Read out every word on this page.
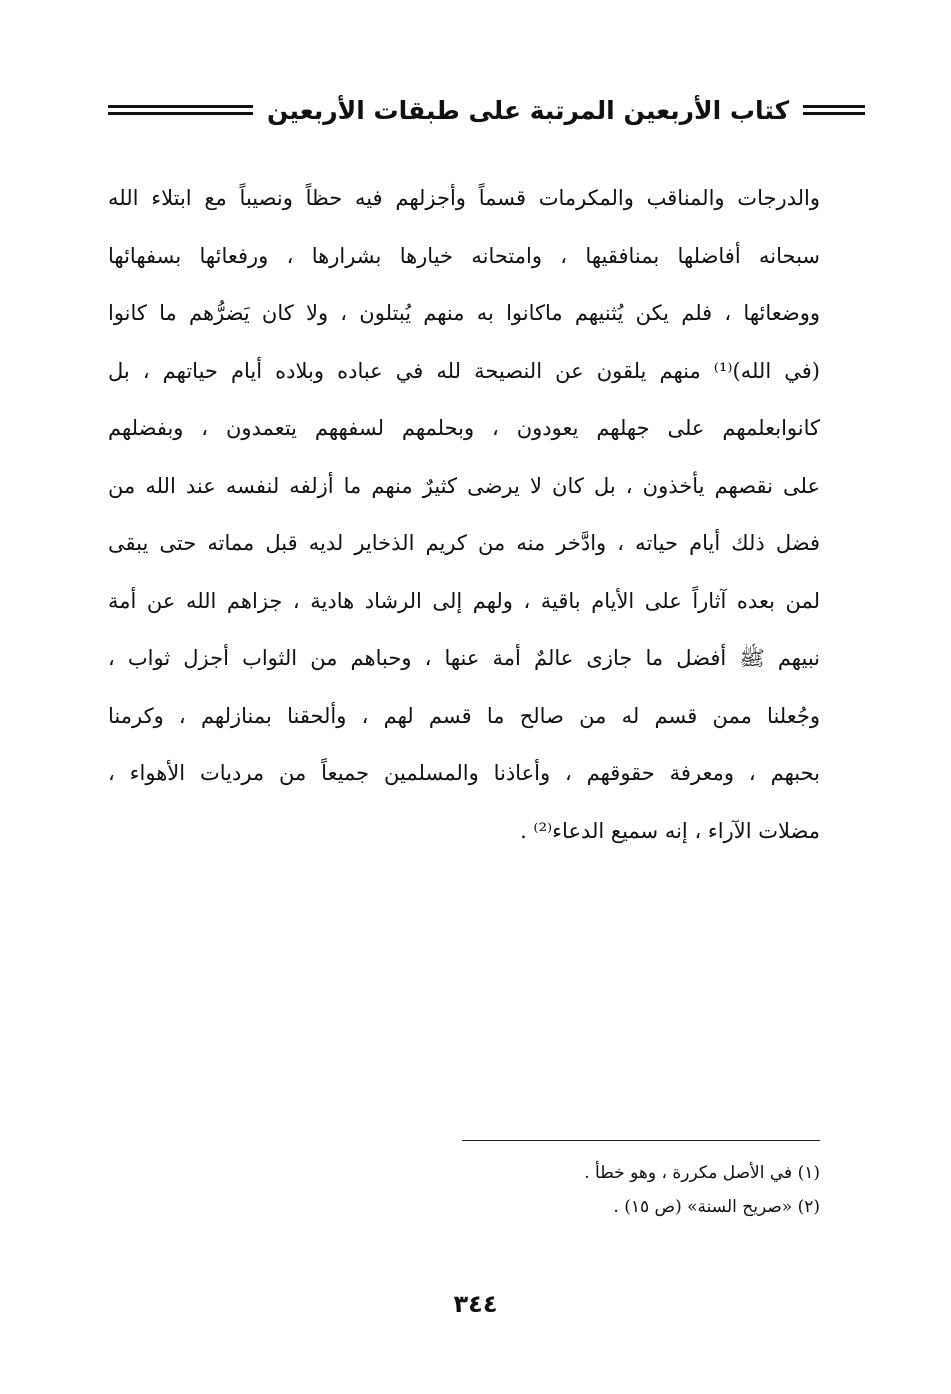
كتاب الأربعين المرتبة على طبقات الأربعين
والدرجات والمناقب والمكرمات قسماً وأجزلهم فيه حظاً ونصيباً مع ابتلاء الله
سبحانه أفاضلها بمنافقيها ، وامتحانه خيارها بشرارها ، ورفعائها بسفهائها
ووضعائها ، فلم يكن يُثنيهم ماكانوا به منهم يُبتلون ، ولا كان يَضرُّهم ما كانوا
(في الله)⁽¹⁾ منهم يلقون عن النصيحة لله في عباده وبلاده أيام حياتهم ، بل
كانوابعلمهم على جهلهم يعودون ، وبحلمهم لسفههم يتعمدون ، وبفضلهم
على نقصهم يأخذون ، بل كان لا يرضى كثيرٌ منهم ما أزلفه لنفسه عند الله من
فضل ذلك أيام حياته ، وادَّخر منه من كريم الذخاير لديه قبل مماته حتى يبقى
لمن بعده آثاراً على الأيام باقية ، ولهم إلى الرشاد هادية ، جزاهم الله عن أمة
نبيهم ﷺ أفضل ما جازى عالمٌ أمة عنها ، وحباهم من الثواب أجزل ثواب ،
وجُعلنا ممن قسم له من صالح ما قسم لهم ، وألحقنا بمنازلهم ، وكرمنا
بحبهم ، ومعرفة حقوقهم ، وأعاذنا والمسلمين جميعاً من مرديات الأهواء ،
مضلات الآراء ، إنه سميع الدعاء⁽²⁾ .
(١) في الأصل مكررة ، وهو خطأ .
(٢) «صريح السنة» (ص ١٥) .
٣٤٤
